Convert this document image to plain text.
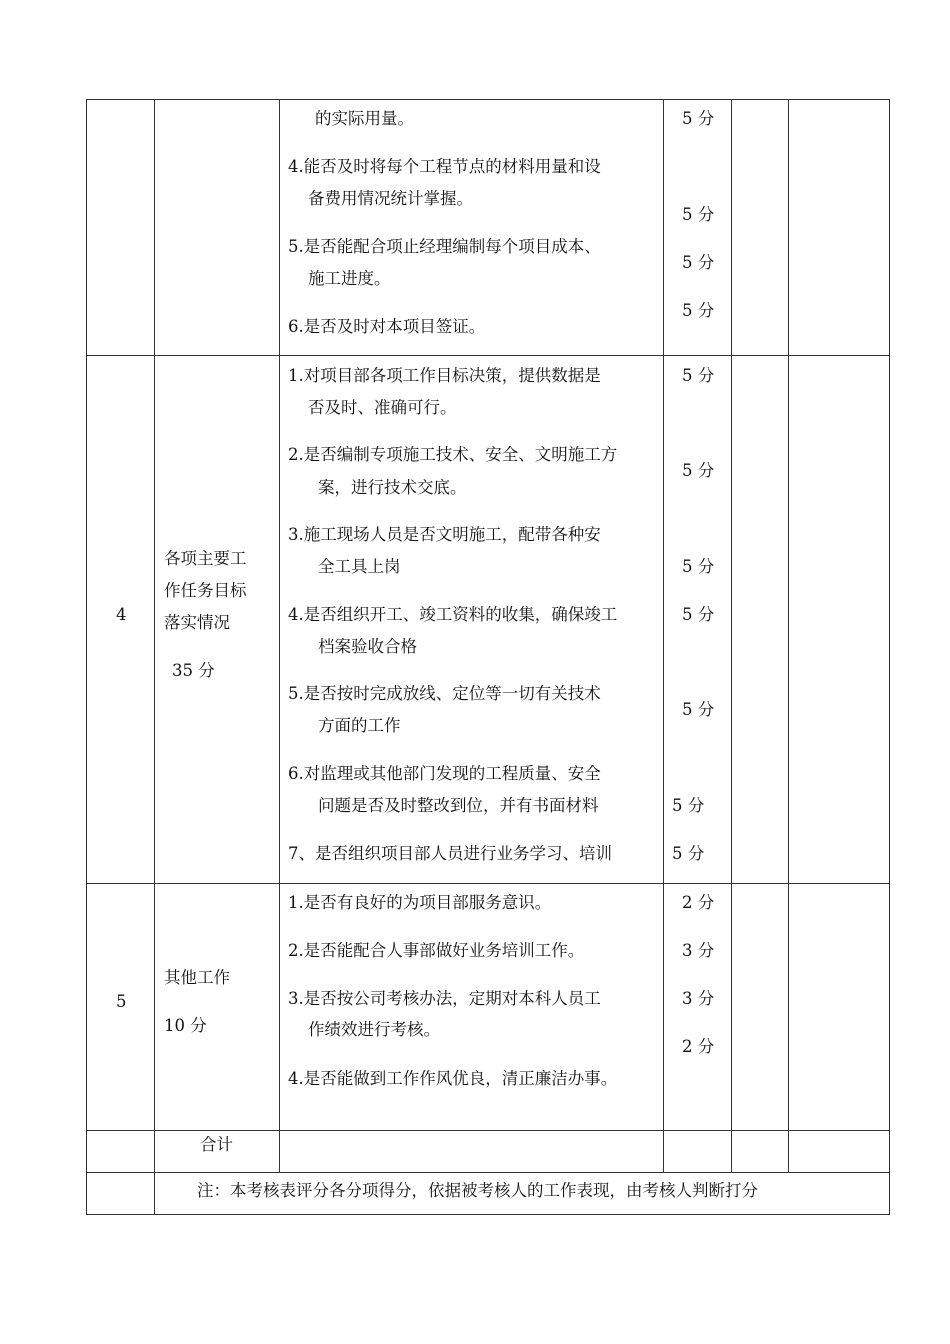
的实际用量。
4.能否及时将每个工程节点的材料用量和设
备费用情况统计掌握。
5.是否能配合项止经理编制每个项目成本、
施工进度。
6.是否及时对本项目签证。
5 分
5 分
5 分
5 分
4
各项主要工
作任务目标
落实情况
35 分
1.对项目部各项工作目标决策，提供数据是
否及时、准确可行。
2.是否编制专项施工技术、安全、文明施工方
案，进行技术交底。
3.施工现场人员是否文明施工，配带各种安
全工具上岗
4.是否组织开工、竣工资料的收集，确保竣工
档案验收合格
5.是否按时完成放线、定位等一切有关技术
方面的工作
6.对监理或其他部门发现的工程质量、安全
问题是否及时整改到位，并有书面材料
7、是否组织项目部人员进行业务学习、培训
5 分
5 分
5 分
5 分
5 分
5 分
5 分
5
其他工作
10 分
1.是否有良好的为项目部服务意识。
2.是否能配合人事部做好业务培训工作。
3.是否按公司考核办法，定期对本科人员工
作绩效进行考核。
4.是否能做到工作作风优良，清正廉洁办事。
2 分
3 分
3 分
2 分
合计
注：本考核表评分各分项得分，依据被考核人的工作表现，由考核人判断打分
